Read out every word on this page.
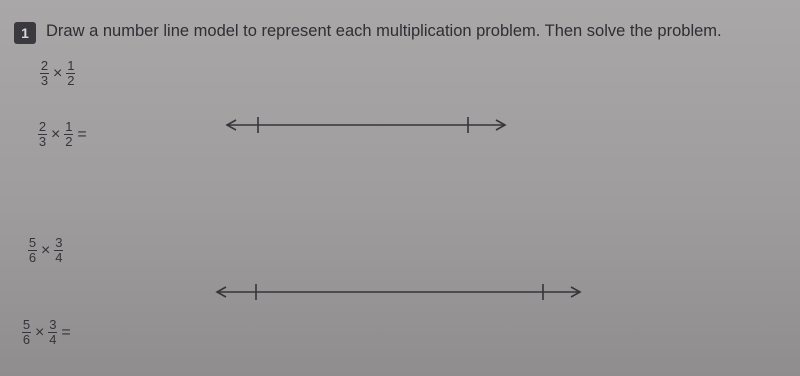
1	Draw a number line model to represent each multiplication problem. Then solve the problem.
$\frac{2}{3} \times \frac{1}{2}$
$\frac{2}{3} \times \frac{1}{2}$ =
$\frac{5}{6} \times \frac{3}{4}$
$\frac{5}{6} \times \frac{3}{4}$ =
